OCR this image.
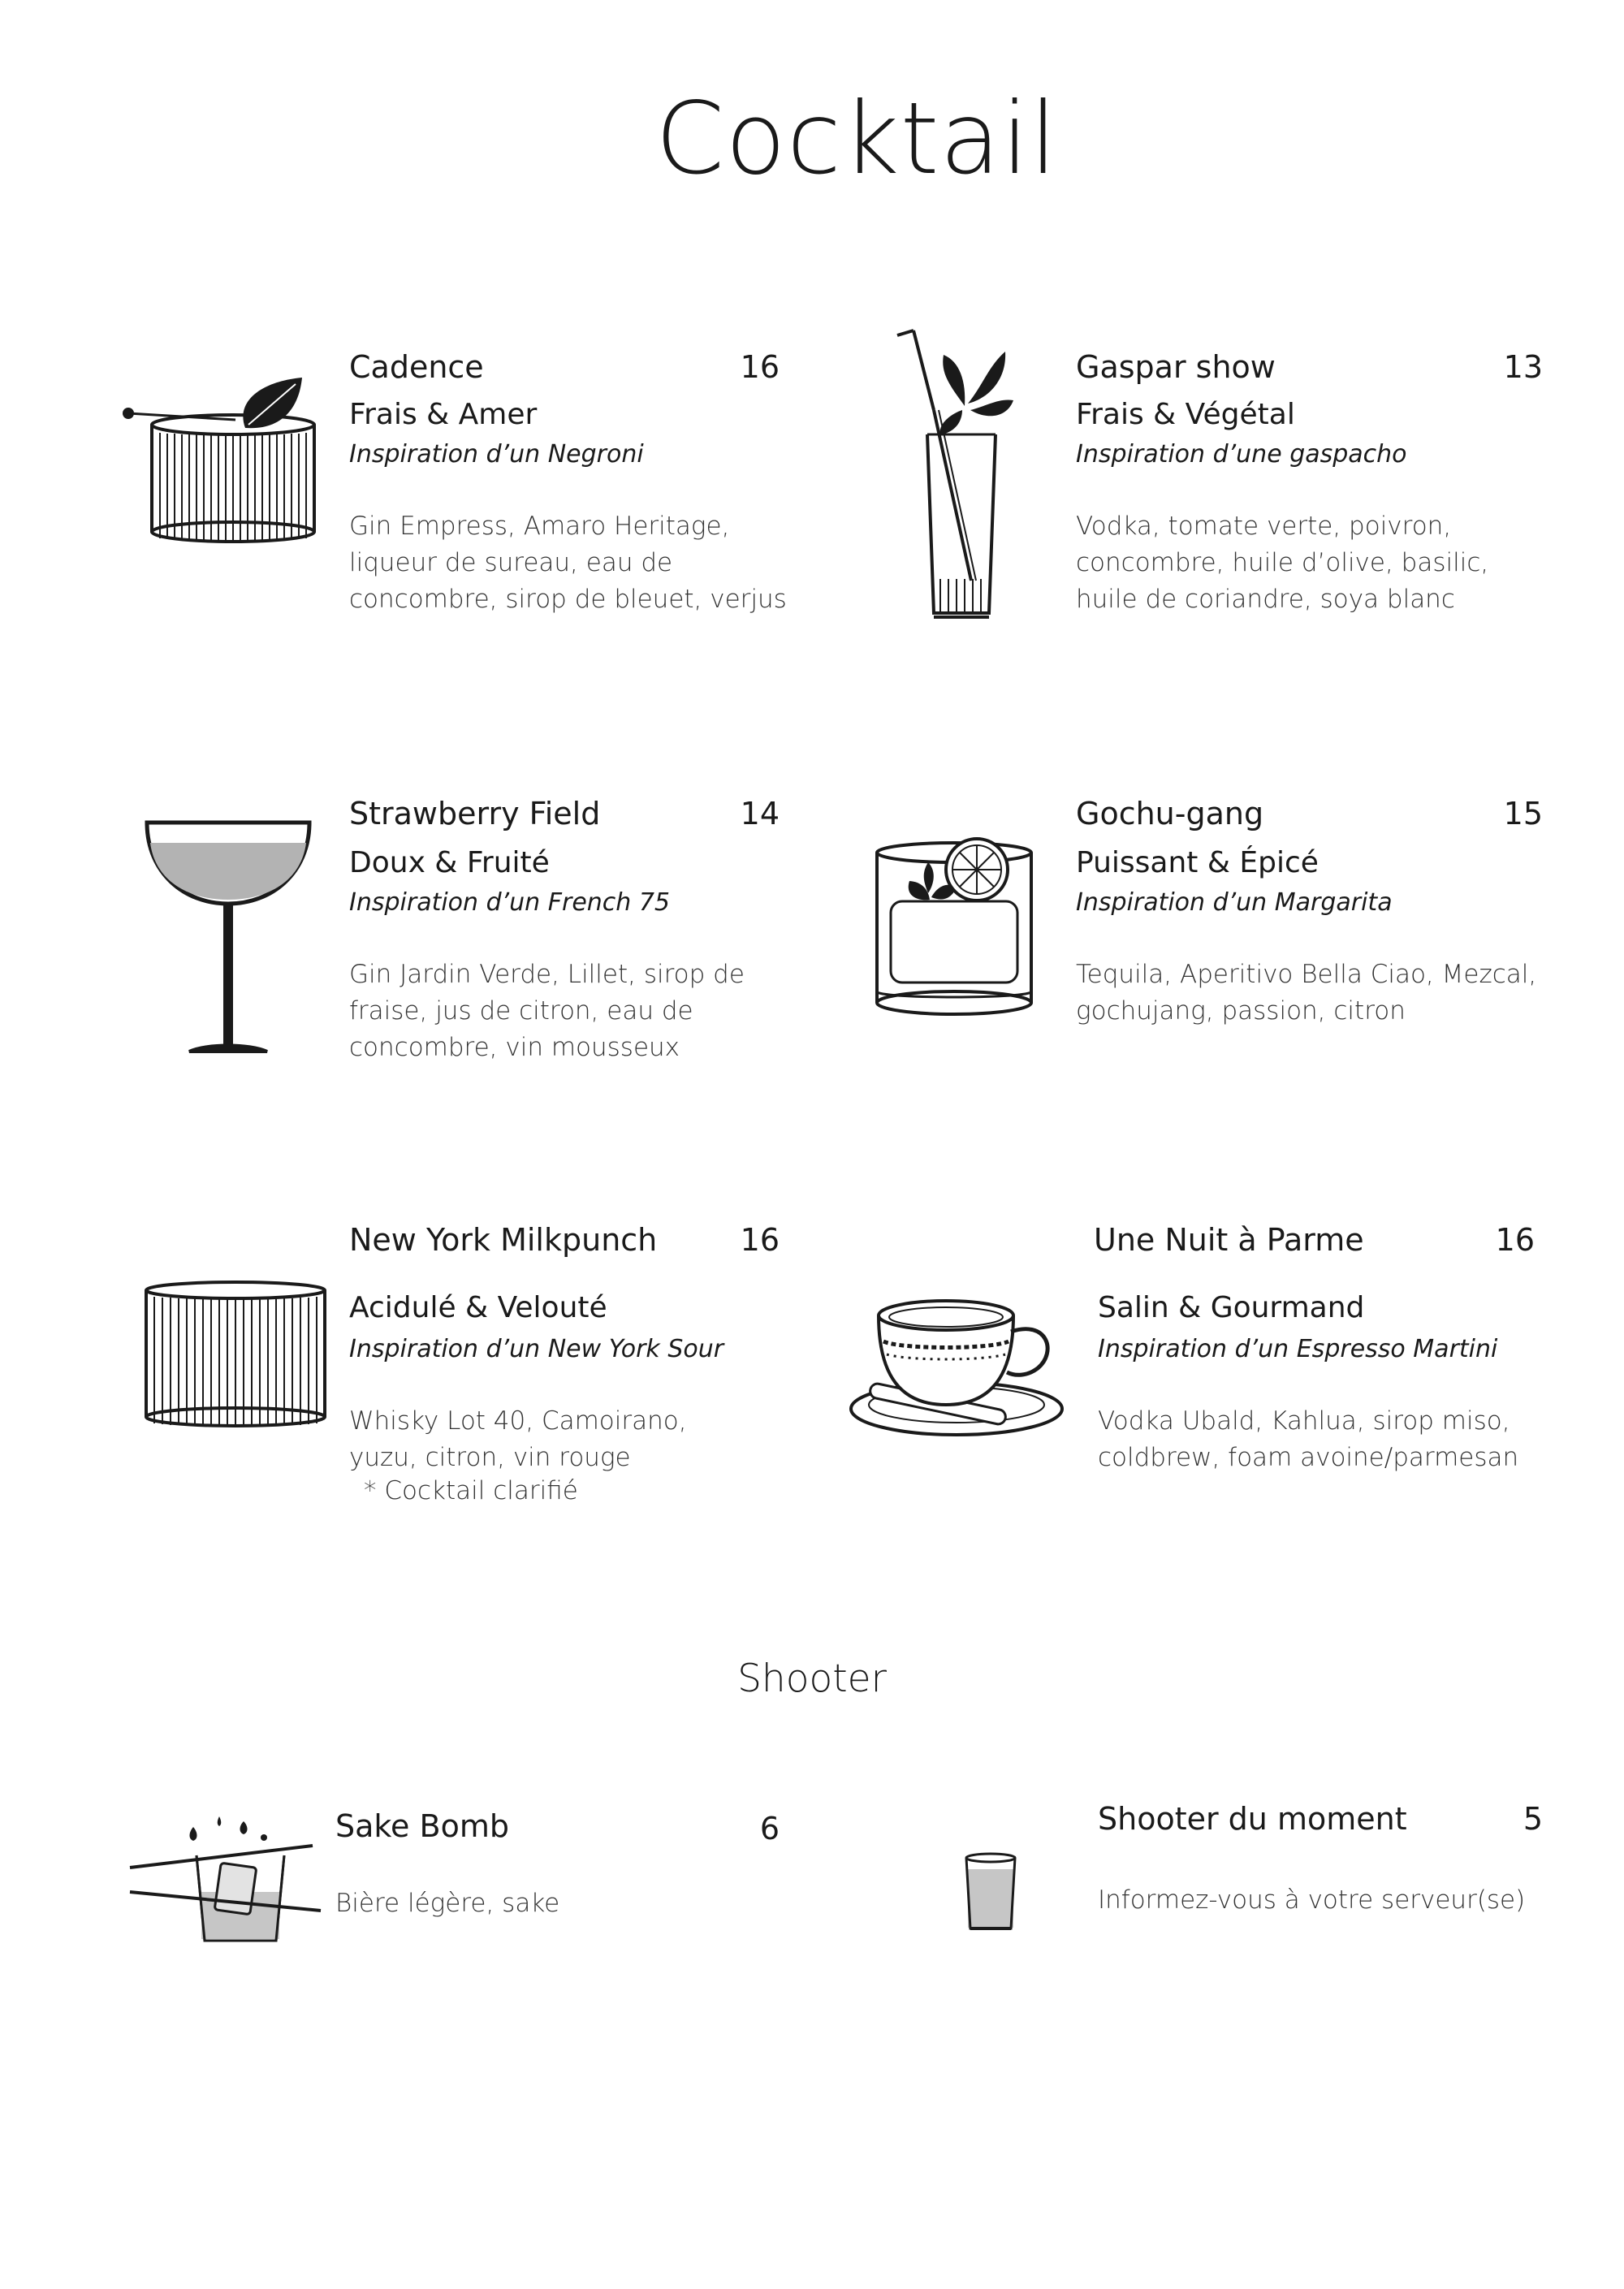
Cocktail
Cadence	16
Frais & Amer
Inspiration d’un Negroni
Gin Empress, Amaro Heritage, liqueur de sureau, eau de concombre, sirop de bleuet, verjus
Gaspar show	13
Frais & Végétal
Inspiration d’une gaspacho
Vodka, tomate verte, poivron, concombre, huile d’olive, basilic, huile de coriandre, soya blanc
Strawberry Field	14
Doux & Fruité
Inspiration d’un French 75
Gin Jardin Verde, Lillet, sirop de fraise, jus de citron, eau de concombre, vin mousseux
Gochu-gang	15
Puissant & Épicé
Inspiration d’un Margarita
Tequila, Aperitivo Bella Ciao, Mezcal, gochujang, passion, citron
New York Milkpunch	16
Acidulé & Velouté
Inspiration d’un New York Sour
Whisky Lot 40, Camoirano, yuzu, citron, vin rouge
* Cocktail clarifié
Une Nuit à Parme	16
Salin & Gourmand
Inspiration d’un Espresso Martini
Vodka Ubald, Kahlua, sirop miso, coldbrew, foam avoine/parmesan
Shooter
Sake Bomb	6
Bière légère, sake
Shooter du moment	5
Informez-vous à votre serveur(se)
